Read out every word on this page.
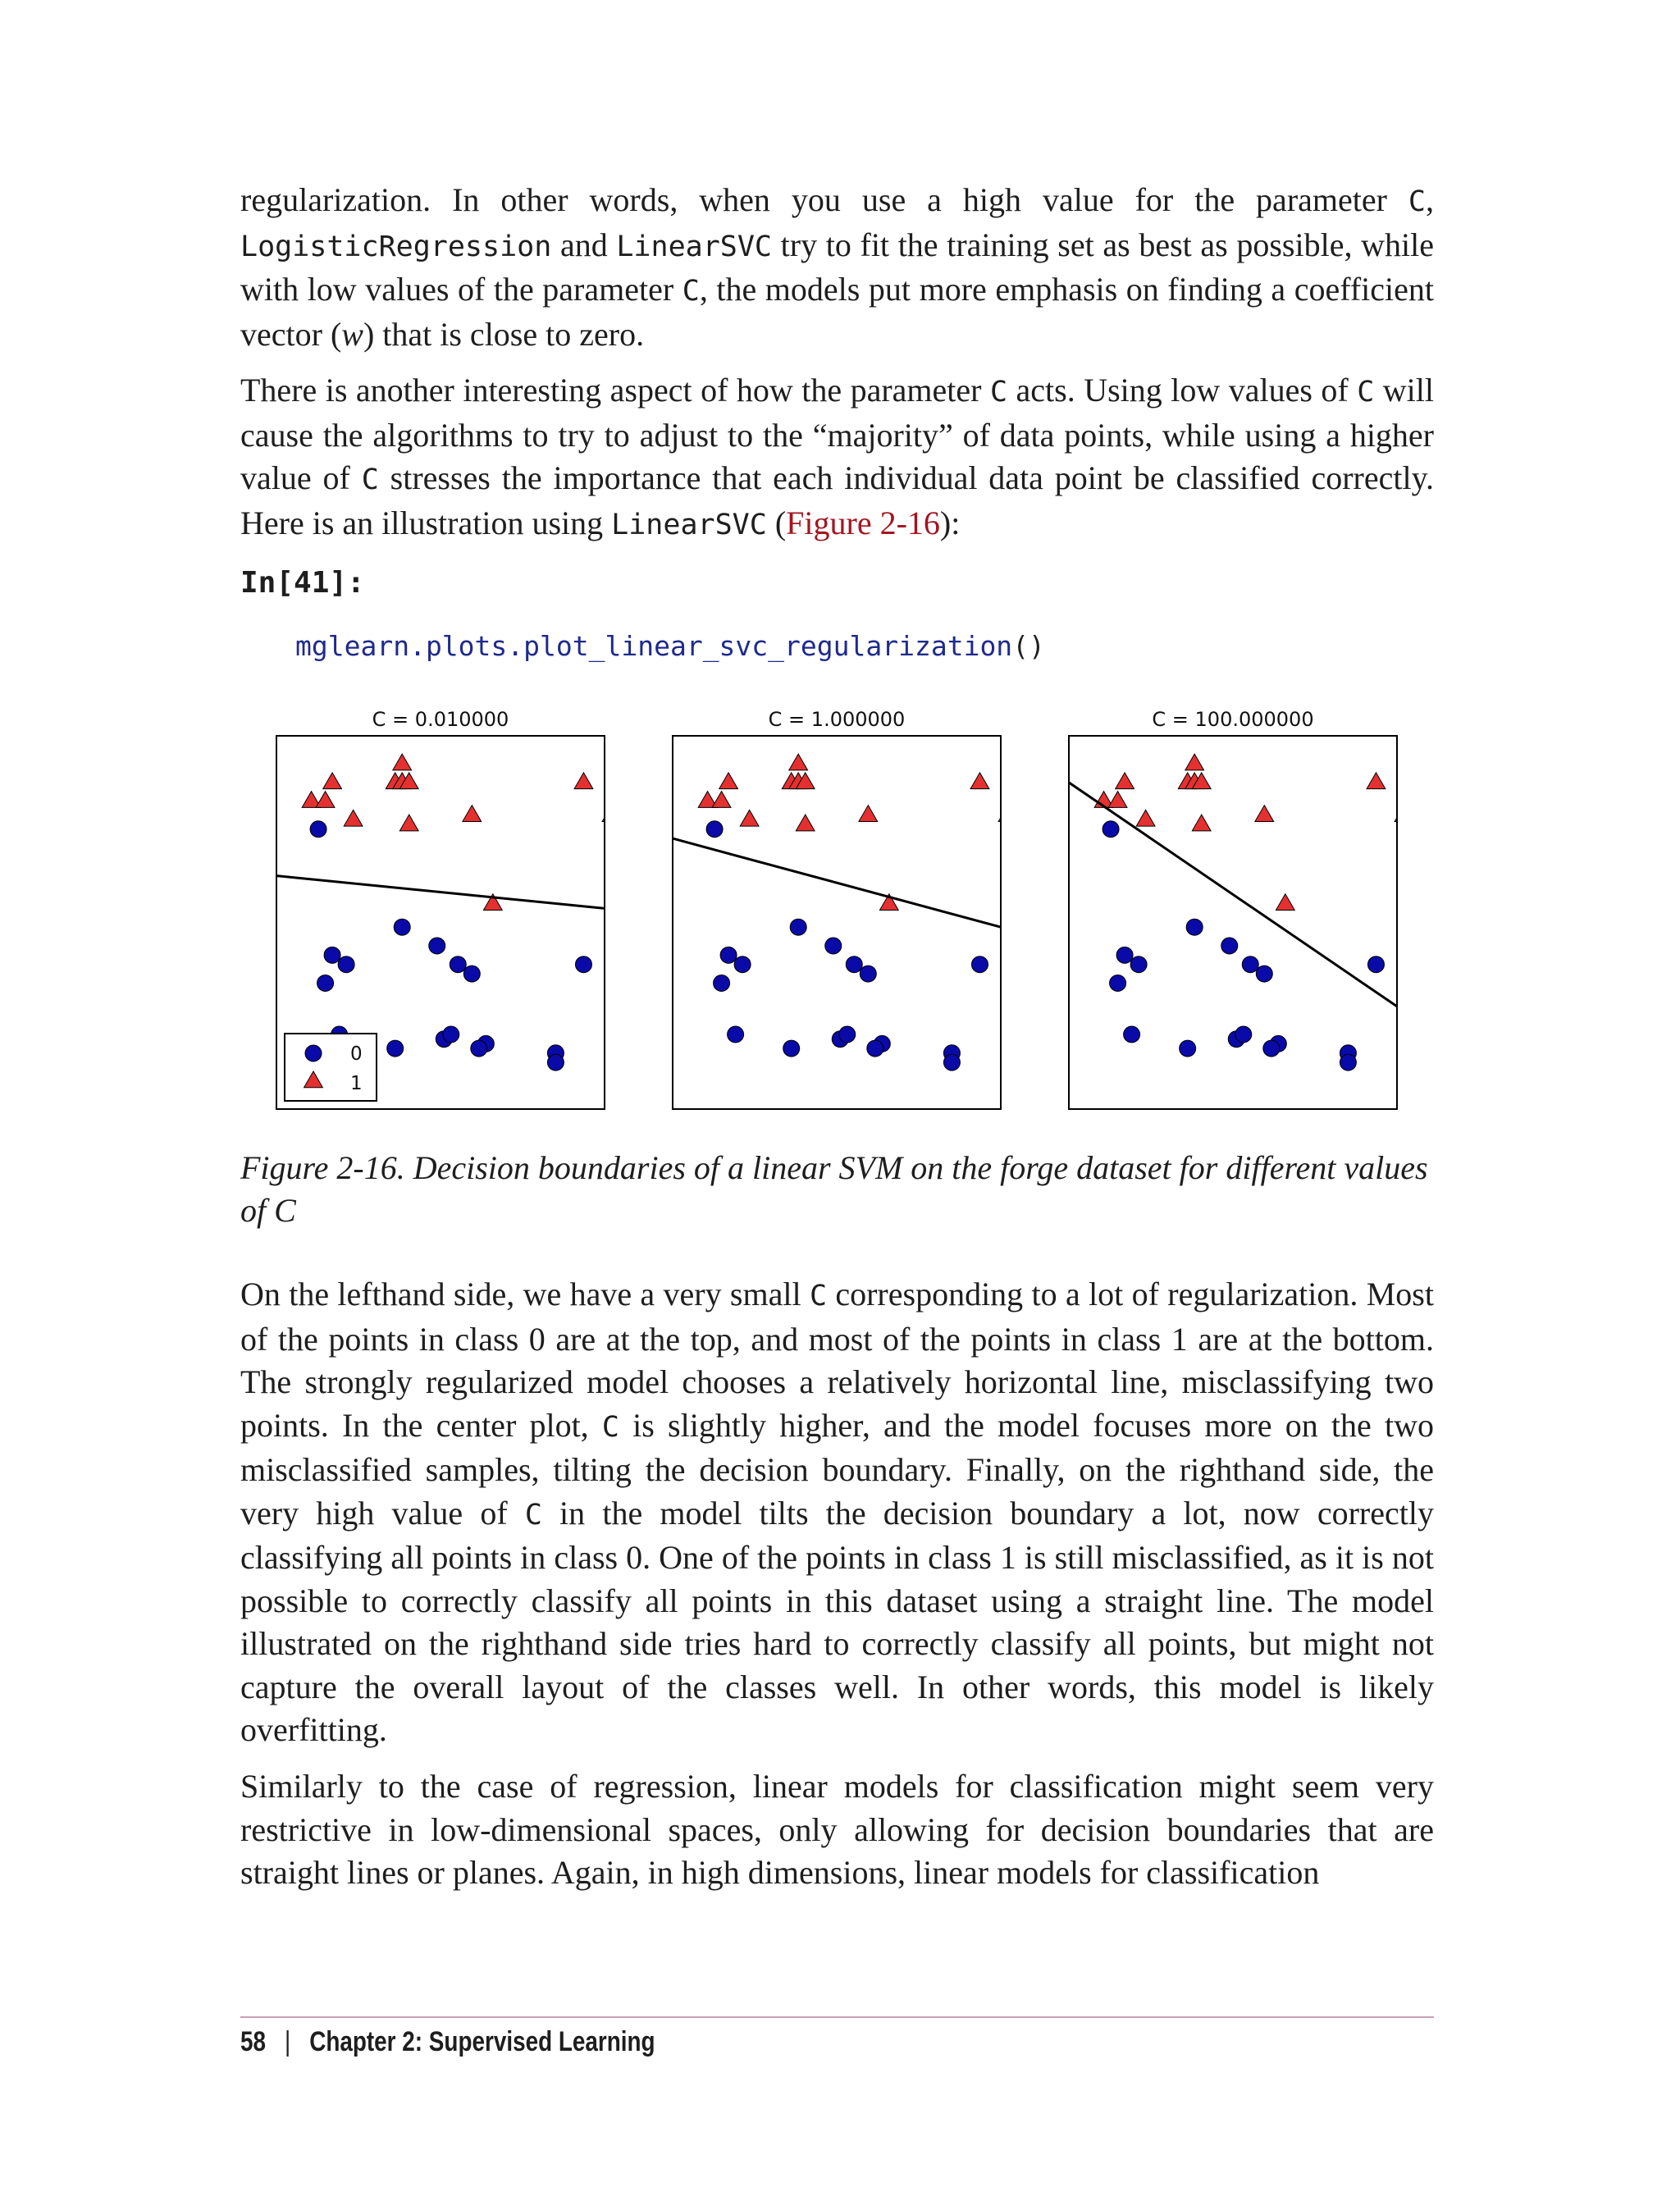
regularization. In other words, when you use a high value for the parameter C, LogisticRegression and LinearSVC try to fit the training set as best as possible, while with low values of the parameter C, the models put more emphasis on finding a coefficient vector (w) that is close to zero.

There is another interesting aspect of how the parameter C acts. Using low values of C will cause the algorithms to try to adjust to the “majority” of data points, while using a higher value of C stresses the importance that each individual data point be classified correctly. Here is an illustration using LinearSVC (Figure 2-16):

In[41]:

mglearn.plots.plot_linear_svc_regularization()

C = 0.010000
0
1
C = 1.000000	C = 100.000000

Figure 2-16. Decision boundaries of a linear SVM on the forge dataset for different values of C

On the lefthand side, we have a very small C corresponding to a lot of regularization. Most of the points in class 0 are at the top, and most of the points in class 1 are at the bottom. The strongly regularized model chooses a relatively horizontal line, misclassifying two points. In the center plot, C is slightly higher, and the model focuses more on the two misclassified samples, tilting the decision boundary. Finally, on the righthand side, the very high value of C in the model tilts the decision boundary a lot, now correctly classifying all points in class 0. One of the points in class 1 is still misclassified, as it is not possible to correctly classify all points in this dataset using a straight line. The model illustrated on the righthand side tries hard to correctly classify all points, but might not capture the overall layout of the classes well. In other words, this model is likely overfitting.

Similarly to the case of regression, linear models for classification might seem very restrictive in low-dimensional spaces, only allowing for decision boundaries that are straight lines or planes. Again, in high dimensions, linear models for classification

58 | Chapter 2: Supervised Learning
